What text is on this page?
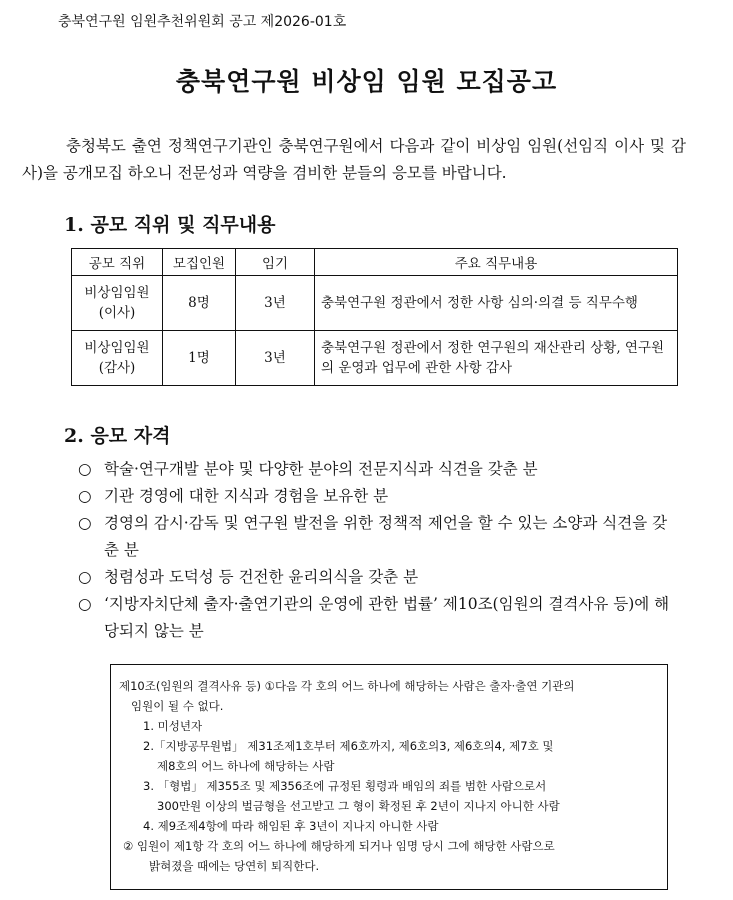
충북연구원 임원추천위원회 공고 제2026-01호
충북연구원 비상임 임원 모집공고
충청북도 출연 정책연구기관인 충북연구원에서 다음과 같이 비상임 임원(선임직 이사 및 감사)을 공개모집 하오니 전문성과 역량을 겸비한 분들의 응모를 바랍니다.
1. 공모 직위 및 직무내용
공모 직위	모집인원	임기	주요 직무내용

비상임임원
(이사)	8명	3년	충북연구원 정관에서 정한 사항 심의·의결 등 직무수행

비상임임원
(감사)	1명	3년	충북연구원 정관에서 정한 연구원의 재산관리 상황, 연구원의 운영과 업무에 관한 사항 감사
2. 응모 자격
○ 학술·연구개발 분야 및 다양한 분야의 전문지식과 식견을 갖춘 분
○ 기관 경영에 대한 지식과 경험을 보유한 분
○ 경영의 감시·감독 및 연구원 발전을 위한 정책적 제언을 할 수 있는 소양과 식견을 갖춘 분
○ 청렴성과 도덕성 등 건전한 윤리의식을 갖춘 분
○ ‘지방자치단체 출자·출연기관의 운영에 관한 법률’ 제10조(임원의 결격사유 등)에 해당되지 않는 분
제10조(임원의 결격사유 등) ①다음 각 호의 어느 하나에 해당하는 사람은 출자·출연 기관의
임원이 될 수 없다.
1. 미성년자
2.「지방공무원법」 제31조제1호부터 제6호까지, 제6호의3, 제6호의4, 제7호 및
제8호의 어느 하나에 해당하는 사람
3. 「형법」 제355조 및 제356조에 규정된 횡령과 배임의 죄를 범한 사람으로서
300만원 이상의 벌금형을 선고받고 그 형이 확정된 후 2년이 지나지 아니한 사람
4. 제9조제4항에 따라 해임된 후 3년이 지나지 아니한 사람
② 임원이 제1항 각 호의 어느 하나에 해당하게 되거나 임명 당시 그에 해당한 사람으로
밝혀졌을 때에는 당연히 퇴직한다.
